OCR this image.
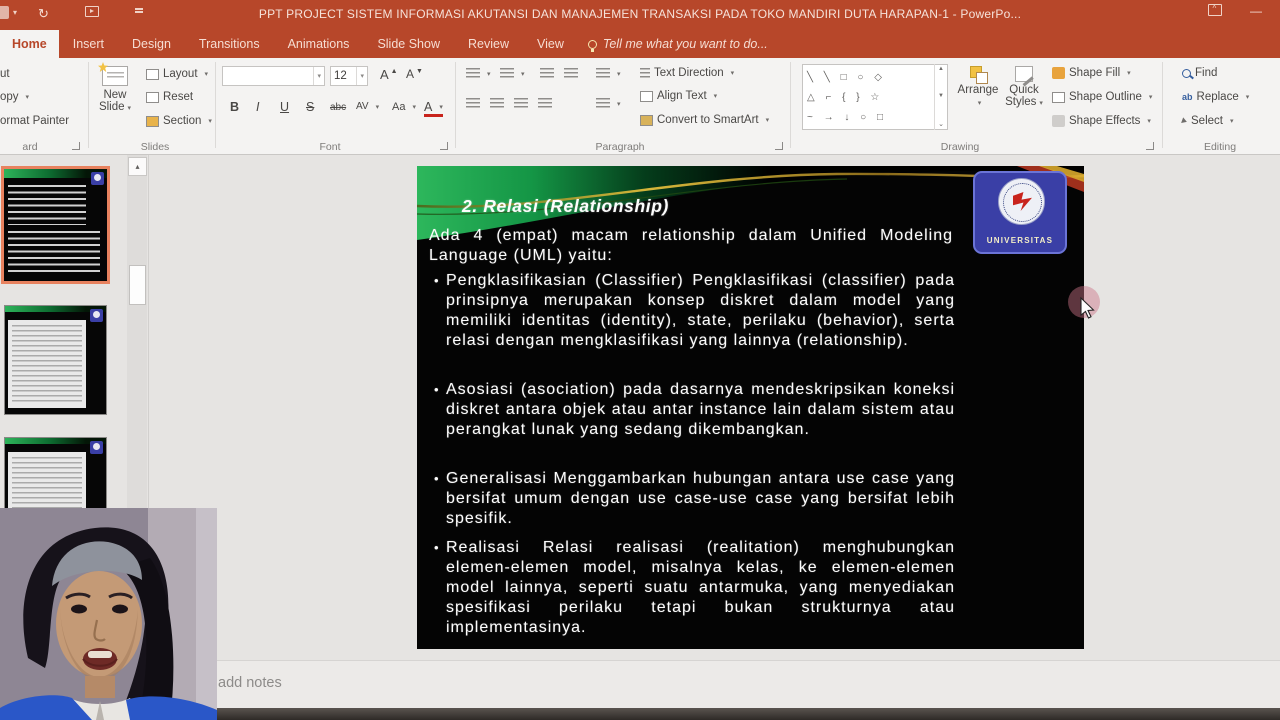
▾ ↻	PPT PROJECT SISTEM INFORMASI AKUTANSI DAN MANAJEMEN TRANSAKSI PADA TOKO MANDIRI DUTA HARAPAN-1 - PowerPo... ^	—
Home	Insert	Design	Transitions	Animations	Slide Show	Review	View	Tell me what you want to do...
ut
opy
▾
ormat Painter
ard
New
Slide ▾
Layout
▾
Reset
Section
▾
Slides
▾ 12	▾ A ▲ A ▼
B I U S abc AV
▾ Aa
▾ A
▾
Font
▾
▾
▾
▾
Text Direction
▾
Align Text
▾
Convert to SmartArt
▾
Paragraph
╲ ╲ □ ○ ◇
△ ⌐ { } ☆
~ → ↓ ○ □
▲
▼
⌄
Arrange
▾ Quick
Styles ▾
Shape Fill
▾
Shape Outline
▾
Shape Effects
▾
Drawing
Find
ab Replace
▾
Select
▾
Editing
▴
UNIVERSITAS
2. Relasi (Relationship)
Ada 4 (empat) macam relationship dalam Unified Modeling Language (UML) yaitu:
• Pengklasifikasian (Classifier) Pengklasifikasi (classifier) pada prinsipnya merupakan konsep diskret dalam model yang memiliki identitas (identity), state, perilaku (behavior), serta relasi dengan mengklasifikasi yang lainnya (relationship).
• Asosiasi (asociation) pada dasarnya mendeskripsikan koneksi diskret antara objek atau antar instance lain dalam sistem atau perangkat lunak yang sedang dikembangkan.
• Generalisasi Menggambarkan hubungan antara use case yang bersifat umum dengan use case-use case yang bersifat lebih spesifik.
• Realisasi Relasi realisasi (realitation) menghubungkan elemen-elemen model, misalnya kelas, ke elemen-elemen model lainnya, seperti suatu antarmuka, yang menyediakan spesifikasi perilaku tetapi bukan strukturnya atau implementasinya.
add notes
